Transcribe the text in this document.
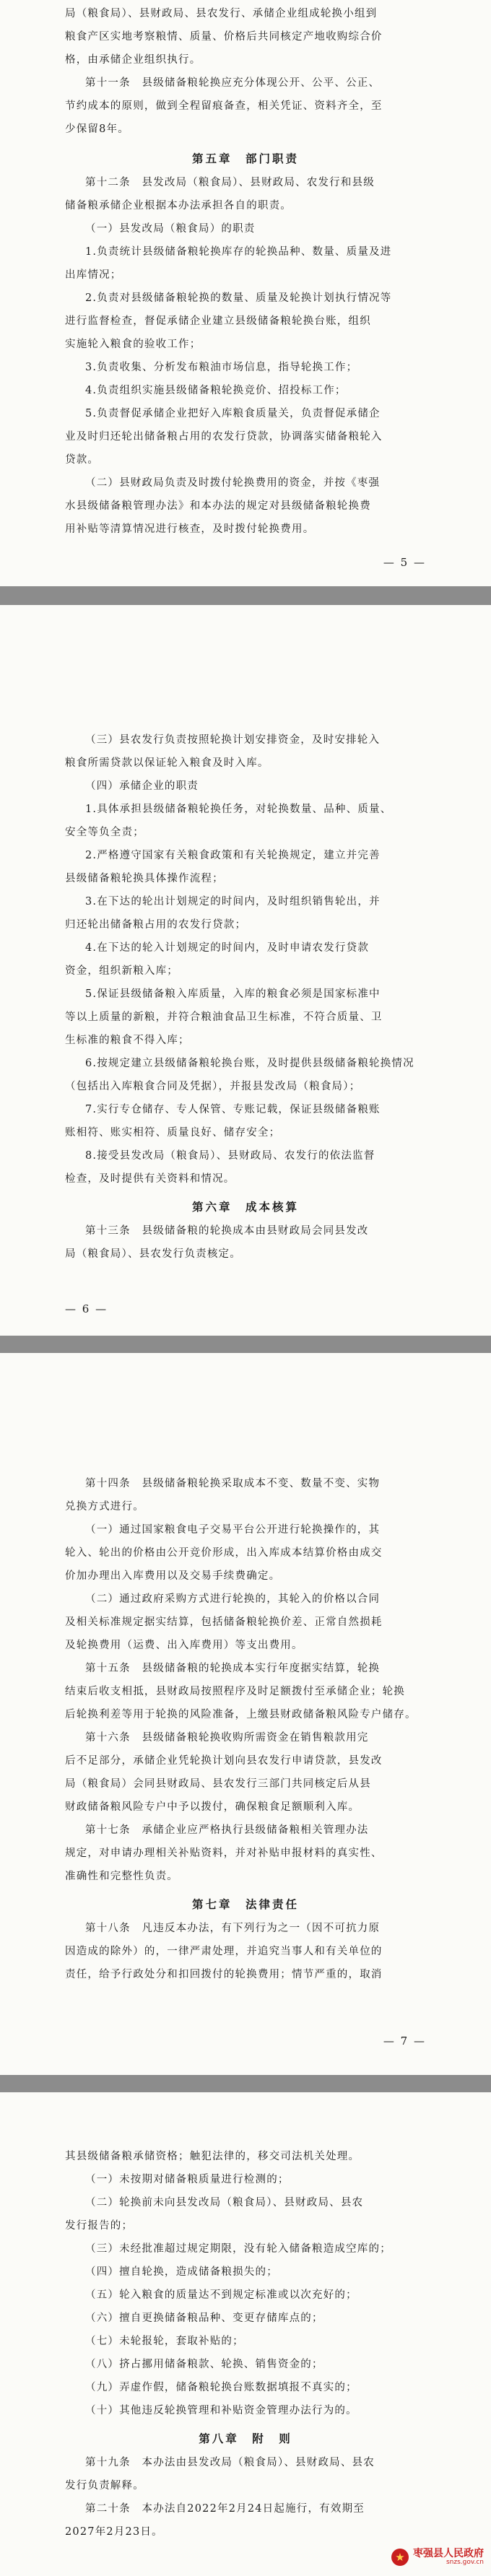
局（粮食局）、县财政局、县农发行、承储企业组成轮换小组到
粮食产区实地考察粮情、质量、价格后共同核定产地收购综合价
格，由承储企业组织执行。
第十一条　县级储备粮轮换应充分体现公开、公平、公正、
节约成本的原则，做到全程留痕备查，相关凭证、资料齐全，至
少保留8年。
第五章　部门职责
第十二条　县发改局（粮食局）、县财政局、农发行和县级
储备粮承储企业根据本办法承担各自的职责。
（一）县发改局（粮食局）的职责
1.负责统计县级储备粮轮换库存的轮换品种、数量、质量及进
出库情况；
2.负责对县级储备粮轮换的数量、质量及轮换计划执行情况等
进行监督检查，督促承储企业建立县级储备粮轮换台账，组织
实施轮入粮食的验收工作；
3.负责收集、分析发布粮油市场信息，指导轮换工作；
4.负责组织实施县级储备粮轮换竞价、招投标工作；
5.负责督促承储企业把好入库粮食质量关，负责督促承储企
业及时归还轮出储备粮占用的农发行贷款，协调落实储备粮轮入
贷款。
（二）县财政局负责及时拨付轮换费用的资金，并按《枣强
水县级储备粮管理办法》和本办法的规定对县级储备粮轮换费
用补贴等清算情况进行核查，及时拨付轮换费用。
— 5 —
（三）县农发行负责按照轮换计划安排资金，及时安排轮入
粮食所需贷款以保证轮入粮食及时入库。
（四）承储企业的职责
1.具体承担县级储备粮轮换任务，对轮换数量、品种、质量、
安全等负全责；
2.严格遵守国家有关粮食政策和有关轮换规定，建立并完善
县级储备粮轮换具体操作流程；
3.在下达的轮出计划规定的时间内，及时组织销售轮出，并
归还轮出储备粮占用的农发行贷款；
4.在下达的轮入计划规定的时间内，及时申请农发行贷款
资金，组织新粮入库；
5.保证县级储备粮入库质量，入库的粮食必须是国家标准中
等以上质量的新粮，并符合粮油食品卫生标准，不符合质量、卫
生标准的粮食不得入库；
6.按规定建立县级储备粮轮换台账，及时提供县级储备粮轮换情况
（包括出入库粮食合同及凭据），并报县发改局（粮食局）；
7.实行专仓储存、专人保管、专账记载，保证县级储备粮账
账相符、账实相符、质量良好、储存安全；
8.接受县发改局（粮食局）、县财政局、农发行的依法监督
检查，及时提供有关资料和情况。
第六章　成本核算
第十三条　县级储备粮的轮换成本由县财政局会同县发改
局（粮食局）、县农发行负责核定。
— 6 —
第十四条　县级储备粮轮换采取成本不变、数量不变、实物
兑换方式进行。
（一）通过国家粮食电子交易平台公开进行轮换操作的，其
轮入、轮出的价格由公开竞价形成，出入库成本结算价格由成交
价加办理出入库费用以及交易手续费确定。
（二）通过政府采购方式进行轮换的，其轮入的价格以合同
及相关标准规定据实结算，包括储备粮轮换价差、正常自然损耗
及轮换费用（运费、出入库费用）等支出费用。
第十五条　县级储备粮的轮换成本实行年度据实结算，轮换
结束后收支相抵，县财政局按照程序及时足额拨付至承储企业；轮换
后轮换利差等用于轮换的风险准备，上缴县财政储备粮风险专户储存。
第十六条　县级储备粮轮换收购所需资金在销售粮款用完
后不足部分，承储企业凭轮换计划向县农发行申请贷款，县发改
局（粮食局）会同县财政局、县农发行三部门共同核定后从县
财政储备粮风险专户中予以拨付，确保粮食足额顺利入库。
第十七条　承储企业应严格执行县级储备粮相关管理办法
规定，对申请办理相关补贴资料，并对补贴申报材料的真实性、
准确性和完整性负责。
第七章　法律责任
第十八条　凡违反本办法，有下列行为之一（因不可抗力原
因造成的除外）的，一律严肃处理，并追究当事人和有关单位的
责任，给予行政处分和扣回拨付的轮换费用；情节严重的，取消
— 7 —
其县级储备粮承储资格；触犯法律的，移交司法机关处理。
（一）未按期对储备粮质量进行检测的；
（二）轮换前未向县发改局（粮食局）、县财政局、县农
发行报告的；
（三）未经批准超过规定期限，没有轮入储备粮造成空库的；
（四）擅自轮换，造成储备粮损失的；
（五）轮入粮食的质量达不到规定标准或以次充好的；
（六）擅自更换储备粮品种、变更存储库点的；
（七）未轮报轮，套取补贴的；
（八）挤占挪用储备粮款、轮换、销售资金的；
（九）弄虚作假，储备粮轮换台账数据填报不真实的；
（十）其他违反轮换管理和补贴资金管理办法行为的。
第八章　附　则
第十九条　本办法由县发改局（粮食局）、县财政局、县农
发行负责解释。
第二十条　本办法自2022年2月24日起施行，有效期至
2027年2月23日。
★ 枣强县人民政府
snzs.gov.cn
